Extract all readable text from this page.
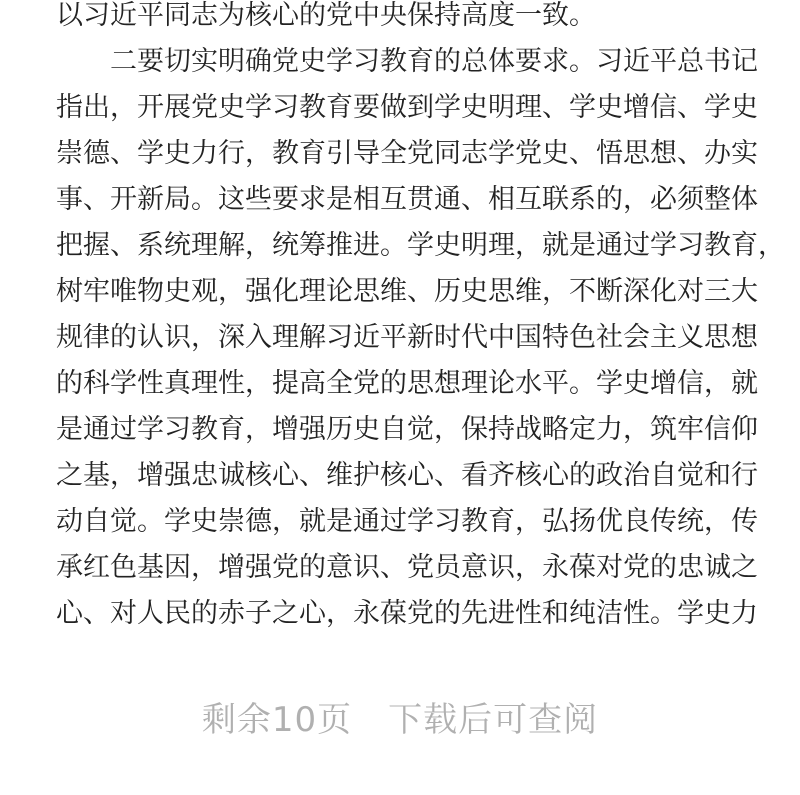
以习近平同志为核心的党中央保持高度一致。
二要切实明确党史学习教育的总体要求。习近平总书记
指出，开展党史学习教育要做到学史明理、学史增信、学史
崇德、学史力行，教育引导全党同志学党史、悟思想、办实
事、开新局。这些要求是相互贯通、相互联系的，必须整体
把握、系统理解，统筹推进。学史明理，就是通过学习教育，
树牢唯物史观，强化理论思维、历史思维，不断深化对三大
规律的认识，深入理解习近平新时代中国特色社会主义思想
的科学性真理性，提高全党的思想理论水平。学史增信，就
是通过学习教育，增强历史自觉，保持战略定力，筑牢信仰
之基，增强忠诚核心、维护核心、看齐核心的政治自觉和行
动自觉。学史崇德，就是通过学习教育，弘扬优良传统，传
承红色基因，增强党的意识、党员意识，永葆对党的忠诚之
心、对人民的赤子之心，永葆党的先进性和纯洁性。学史力
剩余10页 下载后可查阅
